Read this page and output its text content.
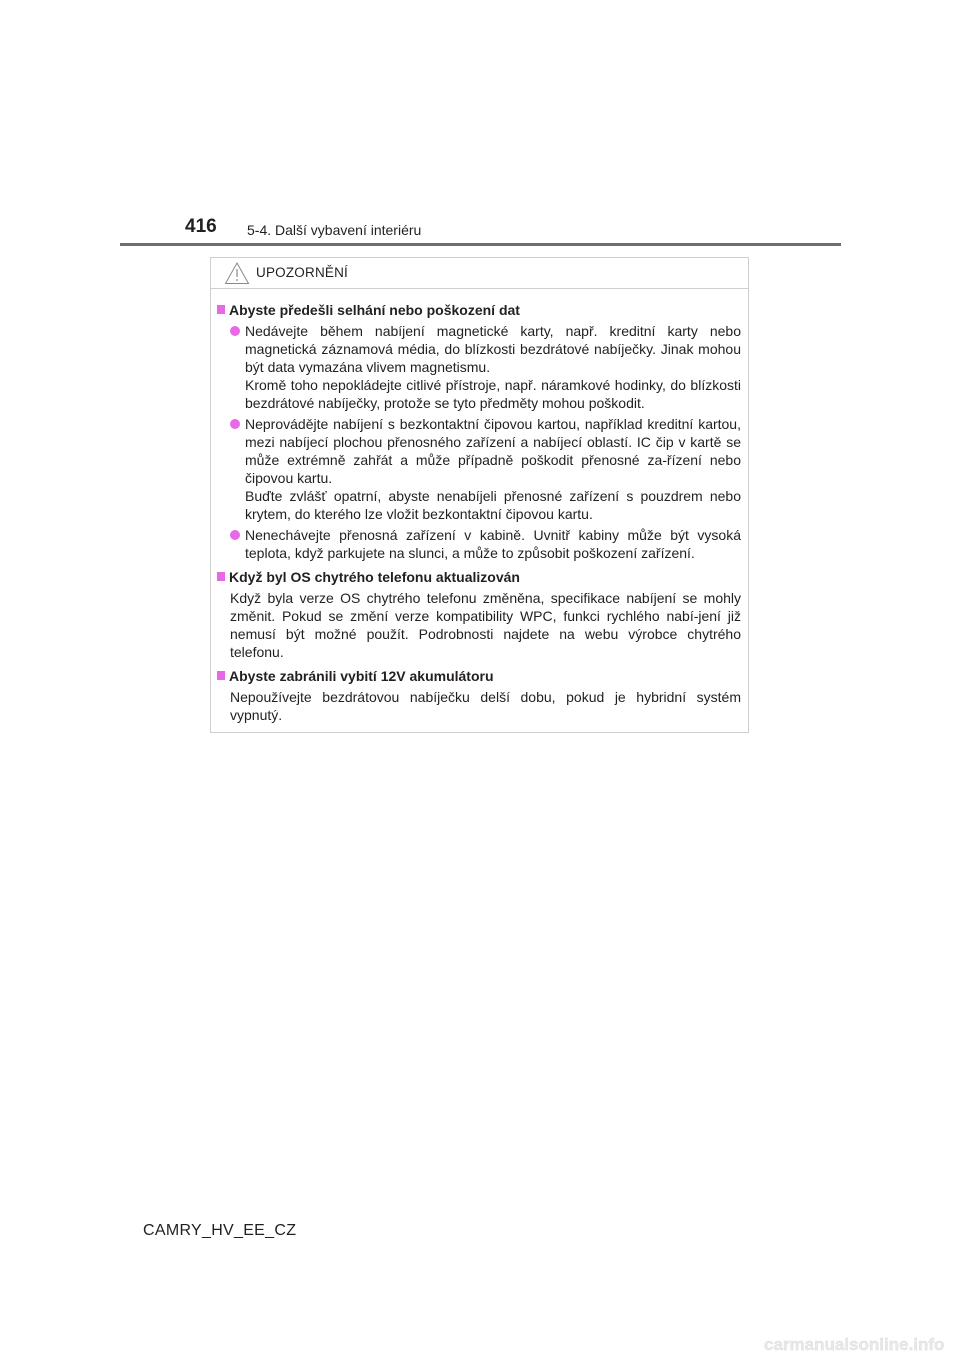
416 5-4. Další vybavení interiéru
UPOZORNĚNÍ
Abyste předešli selhání nebo poškození dat
Nedávejte během nabíjení magnetické karty, např. kreditní karty nebo magnetická záznamová média, do blízkosti bezdrátové nabíječky. Jinak mohou být data vymazána vlivem magnetismu.
Kromě toho nepokládejte citlivé přístroje, např. náramkové hodinky, do blízkosti bezdrátové nabíječky, protože se tyto předměty mohou poškodit.
Neprovádějte nabíjení s bezkontaktní čipovou kartou, například kreditní kartou, mezi nabíjecí plochou přenosného zařízení a nabíjecí oblastí. IC čip v kartě se může extrémně zahřát a může případně poškodit přenosné za-řízení nebo čipovou kartu.
Buďte zvlášť opatrní, abyste nenabíjeli přenosné zařízení s pouzdrem nebo krytem, do kterého lze vložit bezkontaktní čipovou kartu.
Nenechávejte přenosná zařízení v kabině. Uvnitř kabiny může být vysoká teplota, když parkujete na slunci, a může to způsobit poškození zařízení.
Když byl OS chytrého telefonu aktualizován
Když byla verze OS chytrého telefonu změněna, specifikace nabíjení se mohly změnit. Pokud se změní verze kompatibility WPC, funkci rychlého nabí-jení již nemusí být možné použít. Podrobnosti najdete na webu výrobce chytrého telefonu.
Abyste zabránili vybití 12V akumulátoru
Nepoužívejte bezdrátovou nabíječku delší dobu, pokud je hybridní systém vypnutý.
CAMRY_HV_EE_CZ
carmanualsonline.info
